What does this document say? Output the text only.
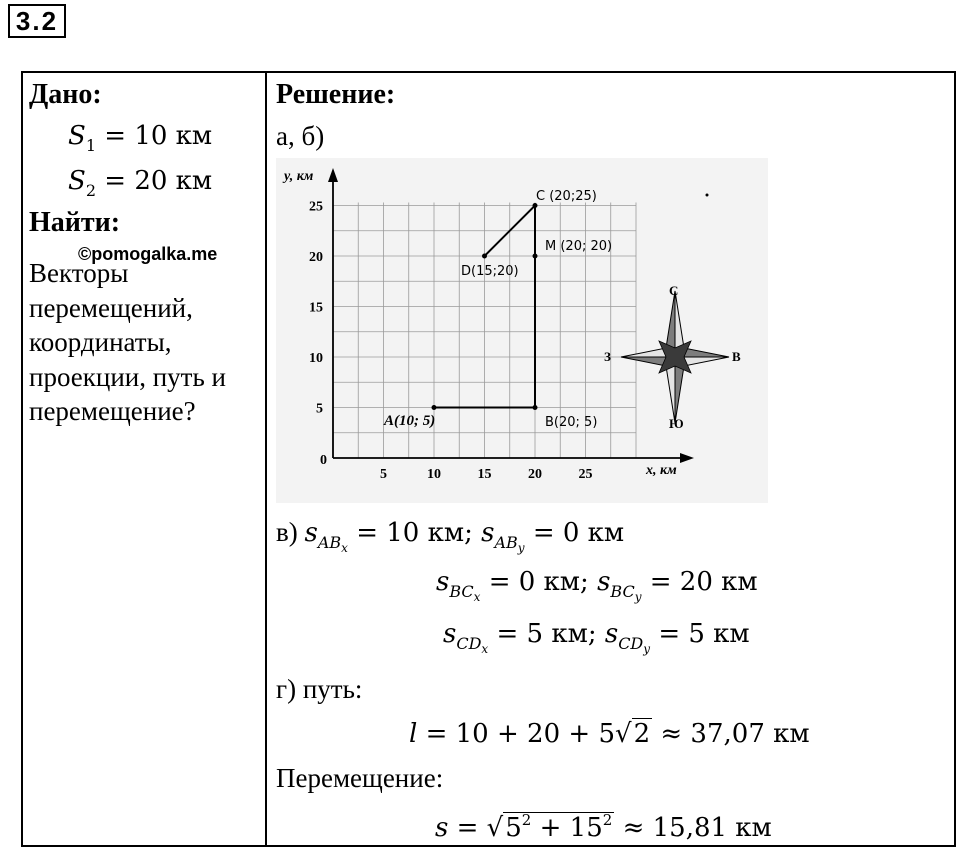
3.2
Дано:
$S_1 = 10$ км
$S_2 = 20$ км
Найти:
©pomogalka.me
Векторы
перемещений,
координаты,
проекции, путь и
перемещение?
Решение:
а, б)
в) $s_{AB_x} = 10$ км; $s_{AB_y} = 0$ км
$s_{BC_x} = 0$ км; $s_{BC_y} = 20$ км
$s_{CD_x} = 5$ км; $s_{CD_y} = 5$ км
г) путь:
l = 10 + 20 + 5√2 ≈ 37,07 км
Перемещение:
$s = √5^2 + 15^2 \approx 15,81$ км
y, км
x, км
0
5	10	15	20	25
25
20
15
10
5
A(10; 5)	B(20; 5)
C (20;25)
M (20; 20)
D(15;20)
С
Ю
В
З
